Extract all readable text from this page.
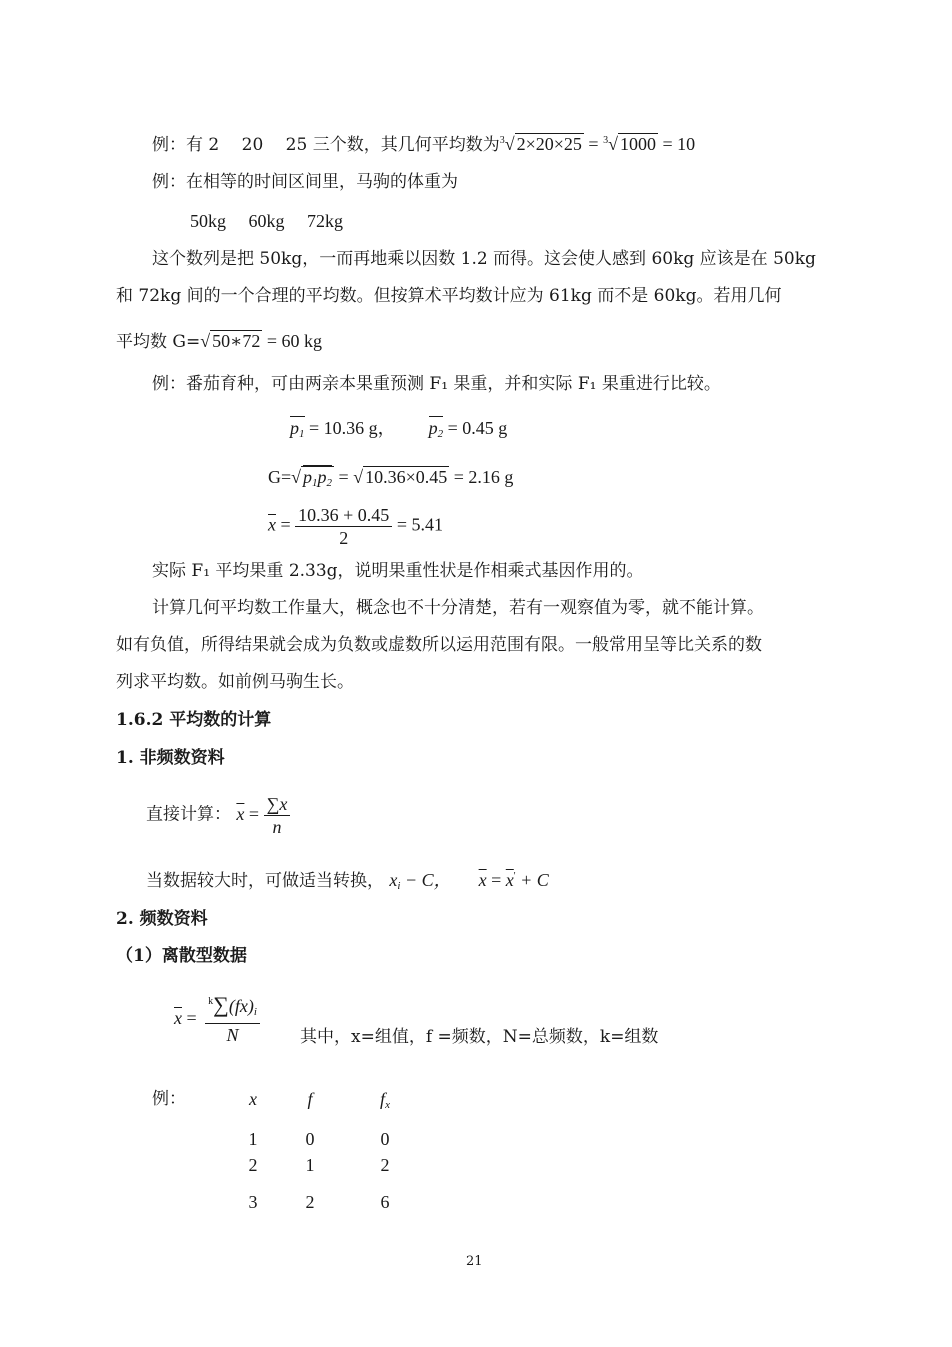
例：有 2　 20　 25 三个数，其几何平均数为$^3$√ 2×20×25 = $^3$√ 1000 = 10
例：在相等的时间区间里，马驹的体重为
50kg　 60kg　 72kg
这个数列是把 50kg，一而再地乘以因数 1.2 而得。这会使人感到 60kg 应该是在 50kg
和 72kg 间的一个合理的平均数。但按算术平均数计应为 61kg 而不是 60kg。若用几何
平均数 G=√ 50∗72 = 60 kg
例：番茄育种，可由两亲本果重预测 F₁ 果重，并和实际 F₁ 果重进行比较。
$p_1 = 10.36$ g， $p_2 = 0.45$ g
G=√ $p_1p_2$ = √ 10.36×0.45 = 2.16 g
$\overline{x} = \frac{10.36 + 0.45}{2} = 5.41$
实际 F₁ 平均果重 2.33g，说明果重性状是作相乘式基因作用的。
计算几何平均数工作量大，概念也不十分清楚，若有一观察值为零，就不能计算。
如有负值，所得结果就会成为负数或虚数所以运用范围有限。一般常用呈等比关系的数
列求平均数。如前例马驹生长。
1.6.2 平均数的计算
1. 非频数资料
直接计算： $\overline{x} = \frac{\sum x}{n}$
当数据较大时，可做适当转换， $x_i - C$， $\overline{x} = \overline{x}' + C$
2. 频数资料
（1）离散型数据
$\overline{x} = \frac{^k\sum(fx)_i}{N}$ 其中，x=组值，f =频数，N=总频数，k=组数
例：	x	f	$f_x$
1	0	0
2	1	2
3	2	6
21
